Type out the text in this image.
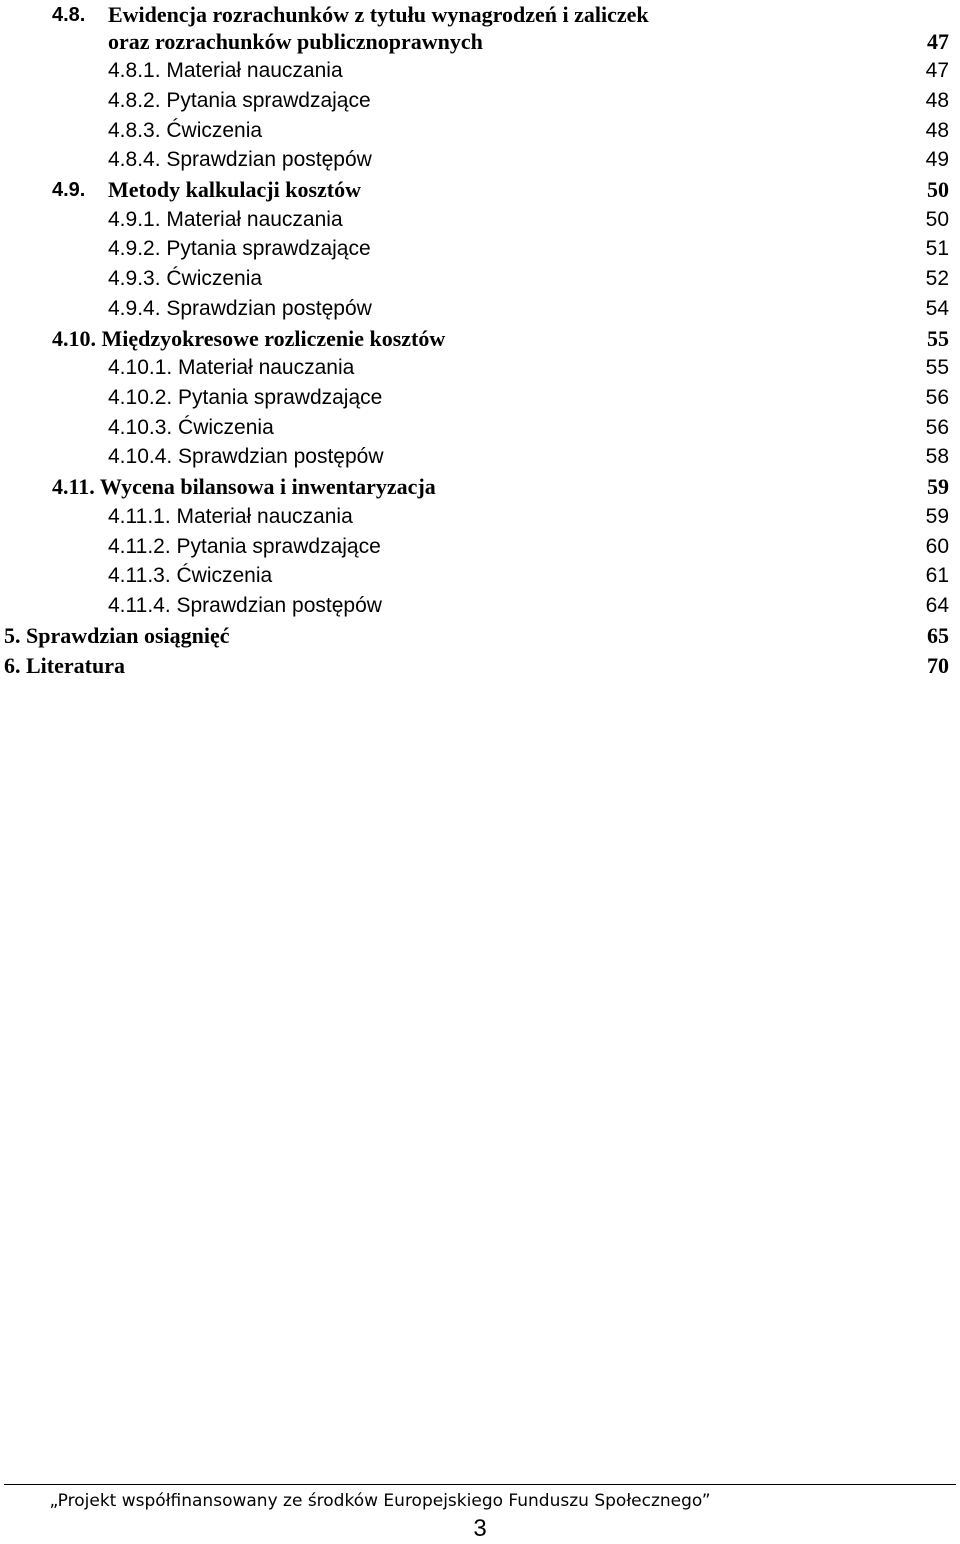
4.8. Ewidencja rozrachunków z tytułu wynagrodzeń i zaliczek
oraz rozrachunków publicznoprawnych	47
4.8.1. Materiał nauczania	47
4.8.2. Pytania sprawdzające	48
4.8.3. Ćwiczenia	48
4.8.4. Sprawdzian postępów	49
4.9. Metody kalkulacji kosztów	50
4.9.1. Materiał nauczania	50
4.9.2. Pytania sprawdzające	51
4.9.3. Ćwiczenia	52
4.9.4. Sprawdzian postępów	54
4.10. Międzyokresowe rozliczenie kosztów	55
4.10.1. Materiał nauczania	55
4.10.2. Pytania sprawdzające	56
4.10.3. Ćwiczenia	56
4.10.4. Sprawdzian postępów	58
4.11. Wycena bilansowa i inwentaryzacja	59
4.11.1. Materiał nauczania	59
4.11.2. Pytania sprawdzające	60
4.11.3. Ćwiczenia	61
4.11.4. Sprawdzian postępów	64
5. Sprawdzian osiągnięć	65
6. Literatura	70
„Projekt współfinansowany ze środków Europejskiego Funduszu Społecznego”
3
